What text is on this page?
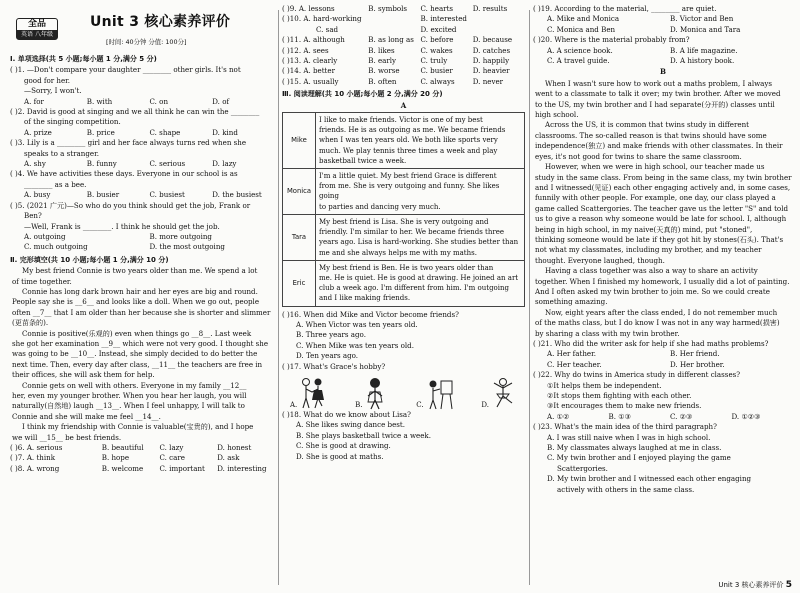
全品
英语 八年级
Unit 3 核心素养评价
[时间: 40分钟 分值: 100分]
Ⅰ. 单项选择(共 5 小题;每小题 1 分,满分 5 分)
( )1. —Don't compare your daughter ________ other girls. It's not
good for her.
—Sorry, I won't.
A. for	B. with	C. on	D. of
( )2. David is good at singing and we all think he can win the ________
of the singing competition.
A. prize	B. price	C. shape	D. kind
( )3. Lily is a ________ girl and her face always turns red when she
speaks to a stranger.
A. shy	B. funny	C. serious	D. lazy
( )4. We have activities these days. Everyone in our school is as
________ as a bee.
A. busy	B. busier	C. busiest	D. the busiest
( )5. (2021 广元)—So who do you think should get the job, Frank or
Ben?
—Well, Frank is ________. I think he should get the job.
A. outgoing	B. more outgoing
C. much outgoing	D. the most outgoing
Ⅱ. 完形填空(共 10 小题;每小题 1 分,满分 10 分)
My best friend Connie is two years older than me. We spend a lot
of time together.
Connie has long dark brown hair and her eyes are big and round.
People say she is __6__ and looks like a doll. When we go out, people
often __7__ that I am older than her because she is shorter and slimmer
(更苗条的).
Connie is positive(乐观的) even when things go __8__. Last week
she got her examination __9__ which were not very good. I thought she
was going to be __10__. Instead, she simply decided to do better the
next time. Then, every day after class, __11__ the teachers are free in
their offices, she will ask them for help.
Connie gets on well with others. Everyone in my family __12__
her, even my younger brother. When you hear her laugh, you will
naturally(自然地) laugh __13__. When I feel unhappy, I will talk to
Connie and she will make me feel __14__.
I think my friendship with Connie is valuable(宝贵的), and I hope
we will __15__ be best friends.
( )6. A. serious	B. beautiful	C. lazy	D. honest
( )7. A. think	B. hope	C. care	D. ask
( )8. A. wrong	B. welcome	C. important	D. interesting
( )9. A. lessons	B. symbols	C. hearts	D. results
( )10. A. hard-working	B. interested
C. sad	D. excited
( )11. A. although	B. as long as C. before	D. because
( )12. A. sees	B. likes	C. wakes	D. catches
( )13. A. clearly	B. early	C. truly	D. happily
( )14. A. better	B. worse	C. busier	D. heavier
( )15. A. usually	B. often	C. always	D. never
Ⅲ. 阅读理解(共 10 小题;每小题 2 分,满分 20 分)
A
Mike	I like to make friends. Victor is one of my best
friends. He is as outgoing as me. We became friends
when I was ten years old. We both like sports very
much. We play tennis three times a week and play
basketball twice a week.

Monica	I'm a little quiet. My best friend Grace is different
from me. She is very outgoing and funny. She likes going
to parties and dancing very much.

Tara	My best friend is Lisa. She is very outgoing and
friendly. I'm similar to her. We became friends three
years ago. Lisa is hard-working. She studies better than
me and she always helps me with my maths.

Eric	My best friend is Ben. He is two years older than
me. He is quiet. He is good at drawing. He joined an art
club a week ago. I'm different from him. I'm outgoing
and I like making friends.
( )16. When did Mike and Victor become friends?
A. When Victor was ten years old.
B. Three years ago.
C. When Mike was ten years old.
D. Ten years ago.
( )17. What's Grace's hobby?
A.	B.	C.	D.
( )18. What do we know about Lisa?
A. She likes swing dance best.
B. She plays basketball twice a week.
C. She is good at drawing.
D. She is good at maths.
( )19. According to the material, ________ are quiet.
A. Mike and Monica	B. Victor and Ben
C. Monica and Ben	D. Monica and Tara
( )20. Where is the material probably from?
A. A science book.	B. A life magazine.
C. A travel guide.	D. A history book.
B
When I wasn't sure how to work out a maths problem, I always
went to a classmate to talk it over; my twin brother. After we moved
to the US, my twin brother and I had separate(分开的) classes until
high school.
Across the US, it is common that twins study in different
classrooms. The so-called reason is that twins should have some
independence(独立) and make friends with other classmates. In their
eyes, it's not good for twins to share the same classroom.
However, when we were in high school, our teacher made us
study in the same class. From being in the same class, my twin brother
and I witnessed(见证) each other engaging actively and, in some cases,
funnily with other people. For example, one day, our class played a
game called Scattergories. The teacher gave us the letter "S" and told
us to give a reason why someone would be late for school. I, although
being in high school, in my naive(天真的) mind, put "stoned",
thinking someone would be late if they got hit by stones(石头). That's
not what my classmates, including my brother, and my teacher
thought. Everyone laughed, though.
Having a class together was also a way to share an activity
together. When I finished my homework, I usually did a lot of painting.
And I often asked my twin brother to join me. So we could create
something amazing.
Now, eight years after the class ended, I do not remember much
of the maths class, but I do know I was not in any way harmed(损害)
by sharing a class with my twin brother.
( )21. Who did the writer ask for help if she had maths problems?
A. Her father.	B. Her friend.
C. Her teacher.	D. Her brother.
( )22. Why do twins in America study in different classes?
①It helps them be independent.
②It stops them fighting with each other.
③It encourages them to make new friends.
A. ①②	B. ①③	C. ②③	D. ①②③
( )23. What's the main idea of the third paragraph?
A. I was still naive when I was in high school.
B. My classmates always laughed at me in class.
C. My twin brother and I enjoyed playing the game
Scattergories.
D. My twin brother and I witnessed each other engaging
actively with others in the same class.
Unit 3 核心素养评价 5
